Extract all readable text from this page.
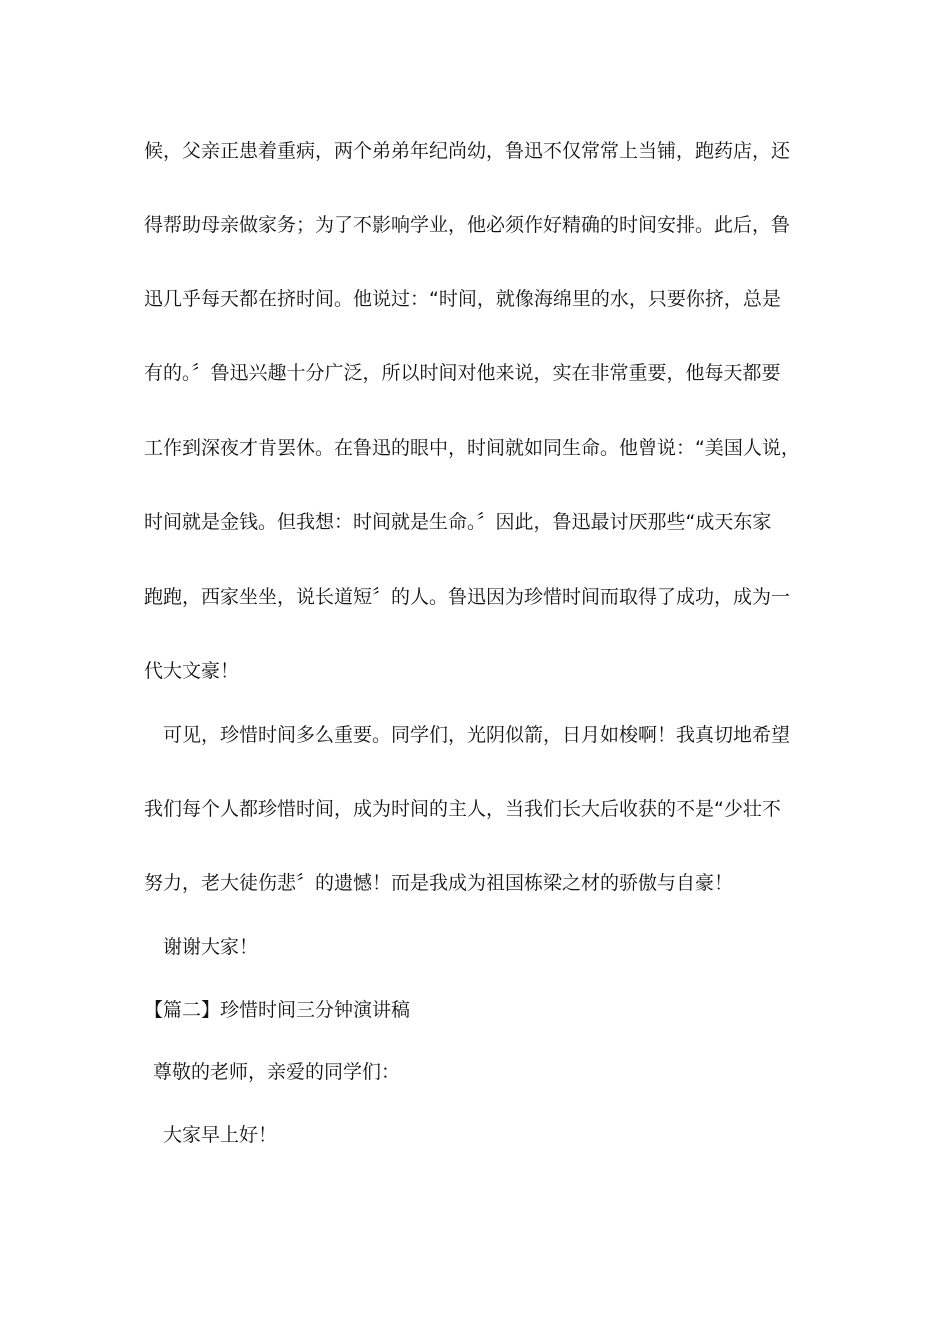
候，父亲正患着重病，两个弟弟年纪尚幼，鲁迅不仅常常上当铺，跑药店，还
得帮助母亲做家务；为了不影响学业，他必须作好精确的时间安排。此后，鲁
迅几乎每天都在挤时间。他说过：“时间，就像海绵里的水，只要你挤，总是
有的。〞鲁迅兴趣十分广泛，所以时间对他来说，实在非常重要，他每天都要
工作到深夜才肯罢休。在鲁迅的眼中，时间就如同生命。他曾说：“美国人说，
时间就是金钱。但我想：时间就是生命。〞因此，鲁迅最讨厌那些“成天东家
跑跑，西家坐坐，说长道短〞的人。鲁迅因为珍惜时间而取得了成功，成为一
代大文豪！
可见，珍惜时间多么重要。同学们，光阴似箭，日月如梭啊！我真切地希望
我们每个人都珍惜时间，成为时间的主人，当我们长大后收获的不是“少壮不
努力，老大徒伤悲〞的遗憾！而是我成为祖国栋梁之材的骄傲与自豪！
谢谢大家！
【篇二】珍惜时间三分钟演讲稿
尊敬的老师，亲爱的同学们：
大家早上好！
